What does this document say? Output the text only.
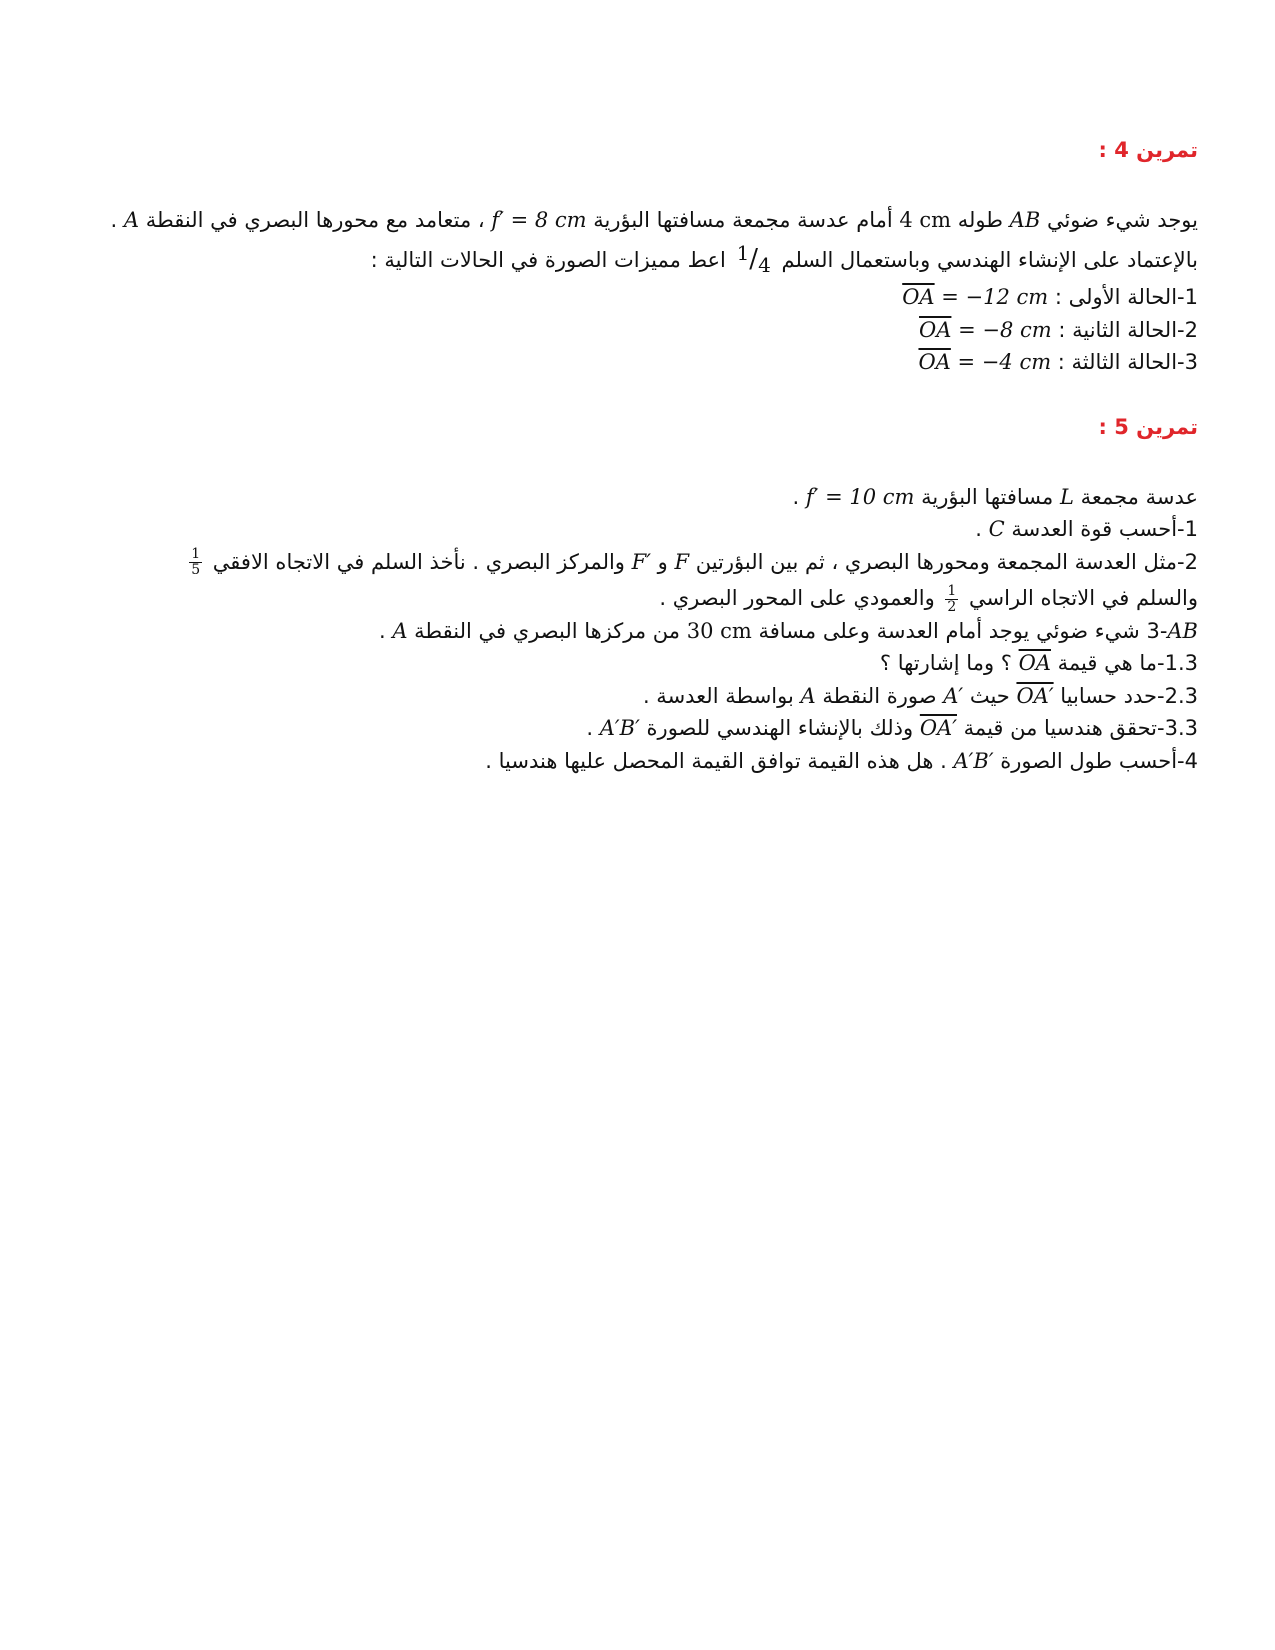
تمرين 4 :
يوجد شيء ضوئي AB طوله 4 cm أمام عدسة مجمعة مسافتها البؤرية f′ = 8 cm ، متعامد مع محورها البصري في النقطة A .
بالإعتماد على الإنشاء الهندسي وباستعمال السلم 1/4 اعط مميزات الصورة في الحالات التالية :
1-الحالة الأولى : $\overline{OA} = -12$ cm
2-الحالة الثانية : $\overline{OA} = -8$ cm
3-الحالة الثالثة : $\overline{OA} = -4$ cm
تمرين 5 :
عدسة مجمعة L مسافتها البؤرية f′ = 10 cm .
1-أحسب قوة العدسة C .
2-مثل العدسة المجمعة ومحورها البصري ، ثم بين البؤرتين F و F′ والمركز البصري . نأخذ السلم في الاتجاه الافقي
$\frac{1}{5}$
والسلم في الاتجاه الراسي
$\frac{1}{2}$
والعمودي على المحور البصري .
AB-3 شيء ضوئي يوجد أمام العدسة وعلى مسافة 30 cm من مركزها البصري في النقطة A .
1.3-ما هي قيمة $\overline{OA}$ ؟ وما إشارتها ؟
2.3-حدد حسابيا OA′ حيث A′ صورة النقطة A بواسطة العدسة .
3.3-تحقق هندسيا من قيمة OA′ وذلك بالإنشاء الهندسي للصورة A′B′ .
4-أحسب طول الصورة A′B′ . هل هذه القيمة توافق القيمة المحصل عليها هندسيا .
